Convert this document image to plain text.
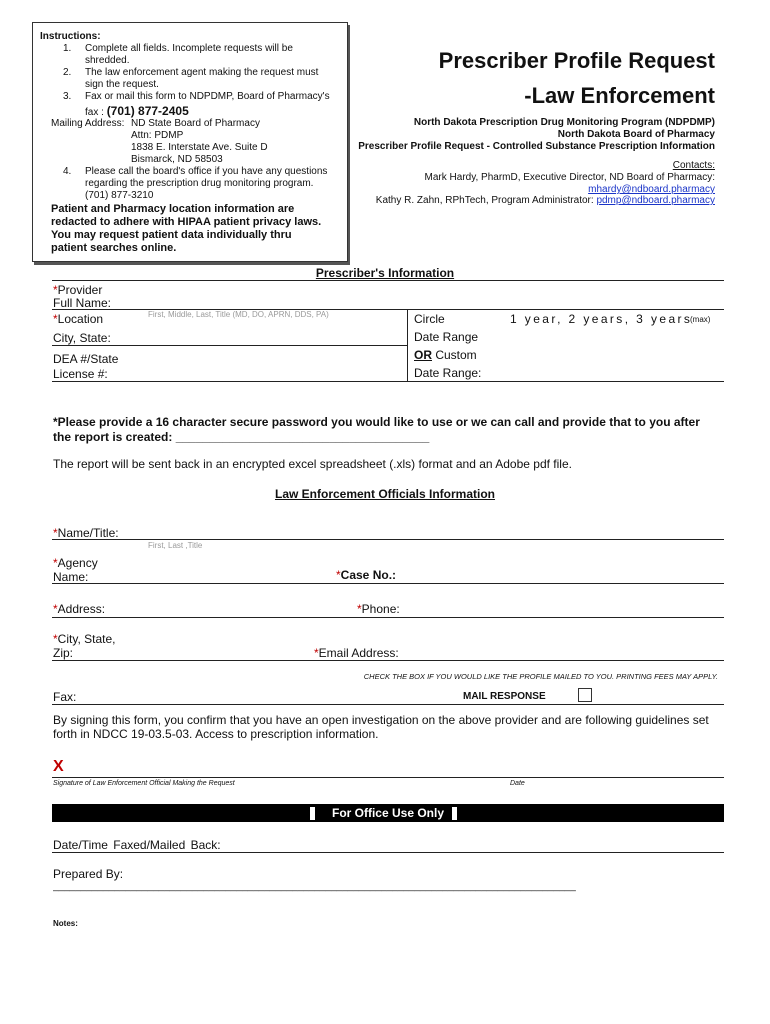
Instructions:
1. Complete all fields. Incomplete requests will be
shredded.
2. The law enforcement agent making the request must
sign the request.
3. Fax or mail this form to NDPDMP, Board of Pharmacy's
fax : (701) 877-2405
Mailing Address: ND State Board of Pharmacy
Attn: PDMP
1838 E. Interstate Ave. Suite D
Bismarck, ND 58503
4. Please call the board's office if you have any questions
regarding the prescription drug monitoring program.
(701) 877-3210
Patient and Pharmacy location information are
redacted to adhere with HIPAA patient privacy laws.
You may request patient data individually thru
patient searches online.
Prescriber Profile Request
-Law Enforcement
North Dakota Prescription Drug Monitoring Program (NDPDMP)
North Dakota Board of Pharmacy
Prescriber Profile Request - Controlled Substance Prescription Information
Contacts:
Mark Hardy, PharmD, Executive Director, ND Board of Pharmacy:
mhardy@ndboard.pharmacy
Kathy R. Zahn, RPhTech, Program Administrator: pdmp@ndboard.pharmacy
Prescriber's Information
*Provider
Full Name:
First, Middle, Last, Title (MD, DO, APRN, DDS, PA)
*Location
City, State:
DEA #/State
License #:
Circle	1 year, 2 years, 3 years
(max)
Date Range
OR Custom
Date Range:
*Please provide a 16 character secure password you would like to use or we can call and provide that to you after
the report is created: ______________________________________
The report will be sent back in an encrypted excel spreadsheet (.xls) format and an Adobe pdf file.
Law Enforcement Officials Information
*Name/Title:
First, Last ,Title
*Agency
Name:	*Case No.:
*Address:	*Phone:
*City, State,
Zip:	*Email Address:
CHECK THE BOX IF YOU WOULD LIKE THE PROFILE MAILED TO YOU. PRINTING FEES MAY APPLY.
Fax:	MAIL RESPONSE
By signing this form, you confirm that you have an open investigation on the above provider and are following guidelines set
forth in NDCC 19-03.5-03. Access to prescription information.
X
Signature of Law Enforcement Official Making the Request	Date
For Office Use Only
Date/Time Faxed/Mailed Back:
Prepared By:
______________________________________________________________________________________________
Notes:
